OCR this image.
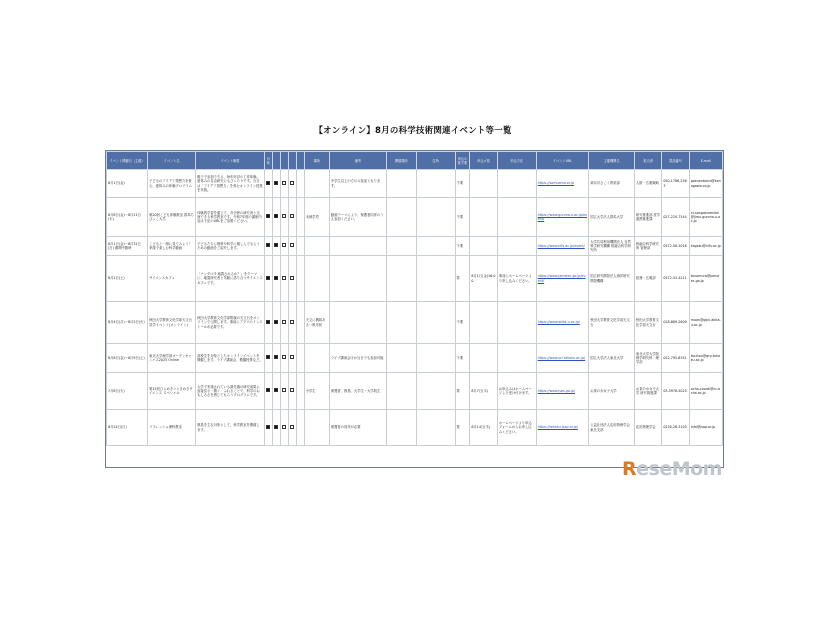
【オンライン】8月の科学技術関連イベント等一覧
イベント開催日（主催）	イベント名	イベント概要	対象					場所	備考	開催場所	住所	申込の要不要	申込〆切	申込方法	イベントURL	主催機関名	担当者	電話番号	E-mail
8月1日(金)	子どものアイデア発想力を育む、夏休みの体験プログラム	親子で参加できる、毎年好評の工作体験。夏休みの自由研究にもぴったりです。当日は「アイデア発想力」を育むオンライン授業を実施。							中学生以上の方のみ参加となります。			不要			https://samuama.or.jp	神奈川さこう倶楽部	人財・広報戦略	050-1786-2563	gakuenkochi@kanagawa.co.jp
8月8日(金)〜8月21日(木)	第20回こども体験教室 群馬ちびっこ大学	体験的学習を通じて、各分野の研究者と交流できる科学教室です。令和7年度の講座内容は下記のURLをご参照ください。						未就学児	動画テーマにより、保護者同伴のうえ参加ください。			不要			https://www.gunma-u.ac.jp/event/	国立大学法人群馬大学	研究推進部 産学連携推進課	027-220-7544	ct-sangakurenkei@jimu.gunma-u.ac.jp
8月1日(金)〜8月31日(日) 期間中随時	こどもと一緒に見てみよう！ 家族で楽しむ科学動画	子どもたちに理科や科学に親しんでもらうための動画をご紹介します。										不要			https://www.nifs.ac.jp/event/	大学共同利用機関法人 自然科学研究機構 核融合科学研究所	核融合科学研究所 管理部	0572-58-2016	kagaku@nifs.ac.jp
8月2日(土)	サイエンスカフェ	「ナンダロ!? 地震されるか？」をテーマに、地震研究者と気軽に語り合うサイエンスカフェです。										要	8月1日(金)16:00	事前にホームページより申し込みください。	https://www.jamstec.go.jp/event/	国立研究開発法人海洋研究開発機構	総務・広報部	0572-53-4211	tonomura@jamstec.go.jp
8月4日(月)〜8月5日(火)	秋田大学教育文化学部天文台見学イベント(オンライン)	秋田大学教育文化学部附属の天文台をオンラインで公開します。事前にアプリのインストールが必要です。						天文に興味ある一般市民				不要			https://www.akita-u.ac.jp/	秋田大学教育文化学部天文台	秋田大学教育文化学部天文台	018-889-2609	moon@gipc.akita-u.ac.jp
8月8日(金)〜8月9日(土)	東北大学理学部オープンキャンパス2025 Online	高校生を対象としたオンラインイベントを開催します。ライブ講演会、模擬授業など。							ライブ講演会ほか当日でも参加可能			不要			https://www.sci.tohoku.ac.jp/	国立大学法人東北大学	東北大学大学院理学研究科・理学部	022-795-6351	kouhou@grp.tohoku.ac.jp
7月8日(火)	第15回ひらめき☆ときめきサイエンス スペシャル	大学で実施されている最先端の研究成果に直接見る・聞く・ふれることで、科学のおもしろさを感じてもらうプログラムです。						小学生	保護者、教員、大学生・大学院生			要	8月7日(木)	お申込みはホームページより受け付けます。	https://www.jsps.go.jp/	お茶の水女子大学	お茶の水女子大学 研究推進課	03-5978-5025	ocha-coordi@cc.ocha.ac.jp
8月24日(日)	リフレッシュ理科教室	教員を主な対象として、科学教室を開催します。							保護者の同伴が必要			要	8月14日(木)	ホームページより申込フォームからお申し込みください。	https://tohoku.jsap.or.jp/	公益社団法人応用物理学会東北支部	応用物理学会	0230-26-3105	info@jsap.or.jp
ReseMom
